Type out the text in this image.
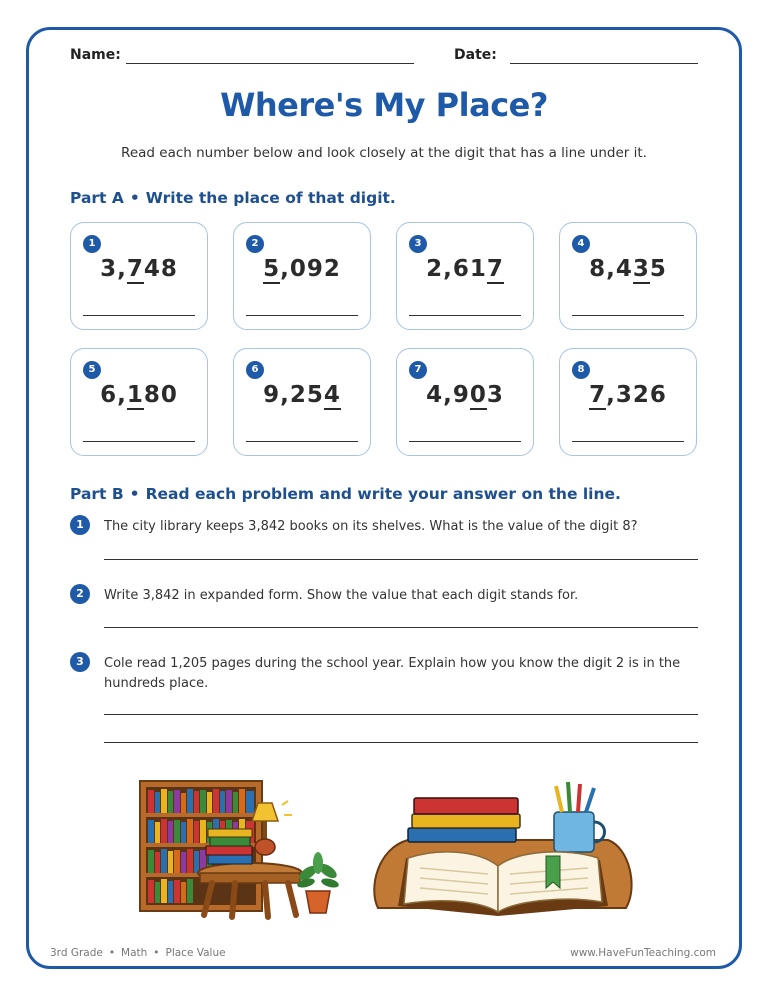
Name:	Date:
Where's My Place?
Read each number below and look closely at the digit that has a line under it.
Part A • Write the place of that digit.
1
3,748
2
5,092
3
2,617
4
8,435
5
6,180
6
9,254
7
4,903
8
7,326
Part B • Read each problem and write your answer on the line.
1	The city library keeps 3,842 books on its shelves. What is the value of the digit 8?
2	Write 3,842 in expanded form. Show the value that each digit stands for.
3	Cole read 1,205 pages during the school year. Explain how you know the digit 2 is in the hundreds place.
3rd Grade • Math • Place Value	www.HaveFunTeaching.com
